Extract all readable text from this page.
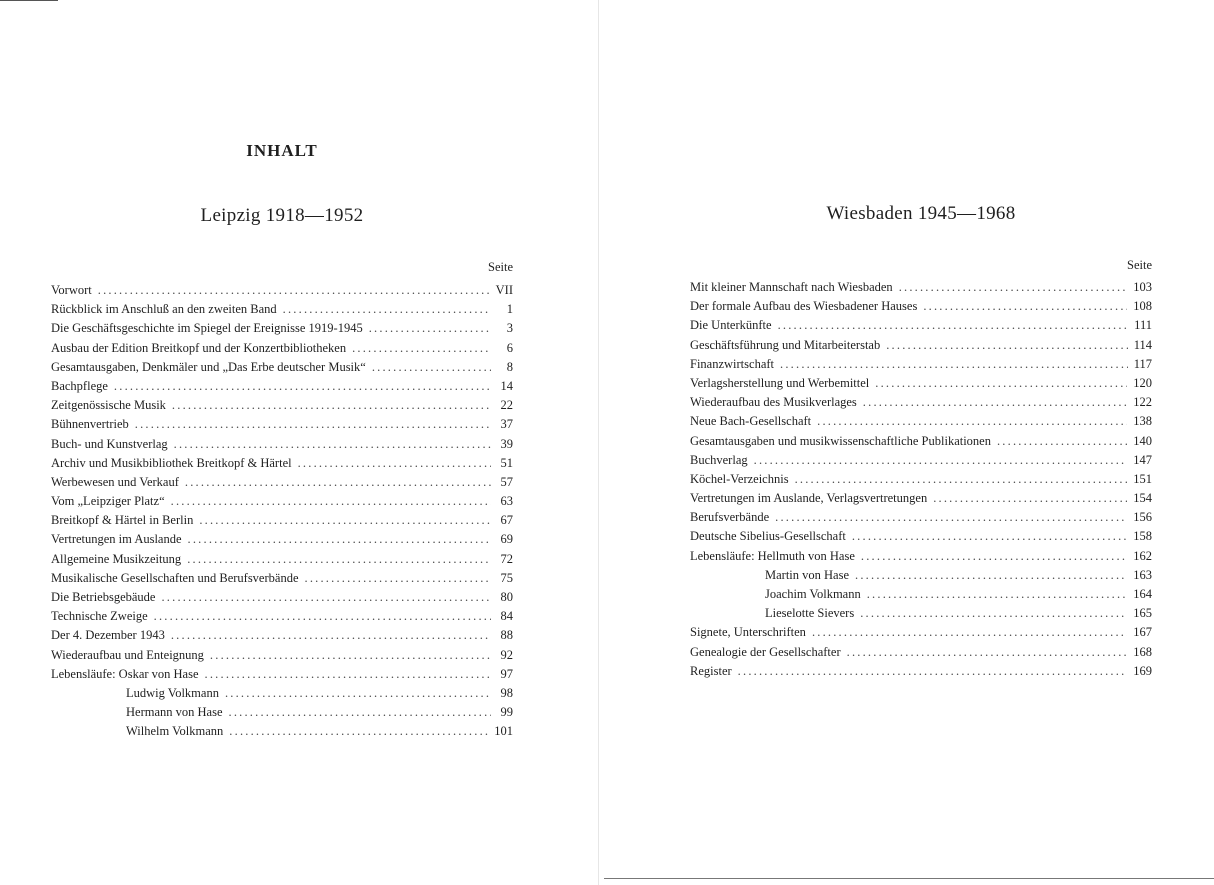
INHALT
Leipzig 1918—1952
Seite
Vorwort .....	VII
Rückblick im Anschluß an den zweiten Band .....	1
Die Geschäftsgeschichte im Spiegel der Ereignisse 1919-1945 .....	3
Ausbau der Edition Breitkopf und der Konzertbibliotheken .....	6
Gesamtausgaben, Denkmäler und „Das Erbe deutscher Musik“ .....	8
Bachpflege .....	14
Zeitgenössische Musik .....	22
Bühnenvertrieb .....	37
Buch- und Kunstverlag .....	39
Archiv und Musikbibliothek Breitkopf & Härtel .....	51
Werbewesen und Verkauf .....	57
Vom „Leipziger Platz“ .....	63
Breitkopf & Härtel in Berlin .....	67
Vertretungen im Auslande .....	69
Allgemeine Musikzeitung .....	72
Musikalische Gesellschaften und Berufsverbände .....	75
Die Betriebsgebäude .....	80
Technische Zweige .....	84
Der 4. Dezember 1943 .....	88
Wiederaufbau und Enteignung .....	92
Lebensläufe: Oskar von Hase .....	97
Ludwig Volkmann .....	98
Hermann von Hase .....	99
Wilhelm Volkmann .....	101
Wiesbaden 1945—1968
Seite
Mit kleiner Mannschaft nach Wiesbaden .....	103
Der formale Aufbau des Wiesbadener Hauses .....	108
Die Unterkünfte .....	111
Geschäftsführung und Mitarbeiterstab .....	114
Finanzwirtschaft .....	117
Verlagsherstellung und Werbemittel .....	120
Wiederaufbau des Musikverlages .....	122
Neue Bach-Gesellschaft .....	138
Gesamtausgaben und musikwissenschaftliche Publikationen .....	140
Buchverlag .....	147
Köchel-Verzeichnis .....	151
Vertretungen im Auslande, Verlagsvertretungen .....	154
Berufsverbände .....	156
Deutsche Sibelius-Gesellschaft .....	158
Lebensläufe: Hellmuth von Hase .....	162
Martin von Hase .....	163
Joachim Volkmann .....	164
Lieselotte Sievers .....	165
Signete, Unterschriften .....	167
Genealogie der Gesellschafter .....	168
Register .....	169
